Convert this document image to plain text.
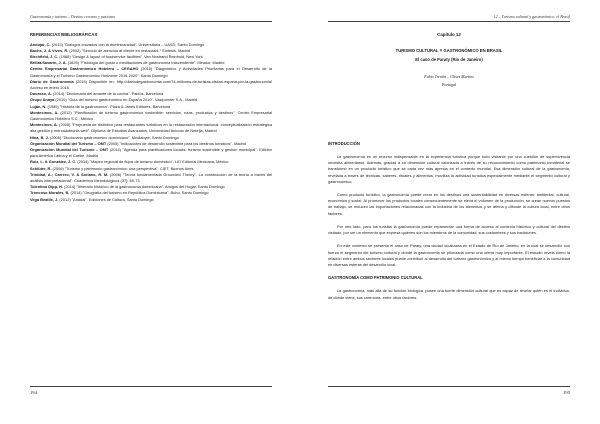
Gastronomía y turismo – Destino cercano y pasiones
REFERENCIAS BIBLIOGRÁFICAS

Andújar, C. (2013) "Diálogos cruzados con la dominicanidad". Universitaria – UASD, Santo Domingo

Bachs, J. & Vives, R. (2002) "Servicio de atención al cliente en restaurant." Síntesis, Madrid

Birchfield, J. C. (1988) "Design & layout of foodservice facilities". Van Nostrand Reinhold, New York

Brillat-Savarin, J. A. (1825) "Fisiología del gusto o meditaciones de gastronomía trascendente". Mirador, Madrid

Centro Empresarial Gastronómico Hotelero – CEGAHO (2015) "Diagnóstico y Actividades Prioritarias para el Desarrollo de la Gastronomía y el Turismo Gastronómico Horizonte 2016-2020". Santo Domingo

Diario de Gastronomía (2015) Disponible en: http://diariodegastronomia.com/74-millones-de-turistas-visitan-espana-por-la-gastronomia/ Acceso en enero 2016

Ducasse, A. (2014) "Diccionario del amante de la cocina". Paidós, Barcelona

Grupo Anaya (2010) "Guía del turismo gastronómico en España 2010". Vastporster S.A., Madrid

Luján, N. (1989) "Historia de la gastronomía". Plaza & Janés Editores, Barcelona

Montecinos, A. (2012) "Planificación de turismo gastronómico sostenible: servicios, rutas, productos y destinos". Centro Empresarial Gastronómico Hotelero S.C., México

Montecinos, A. (2008) "Propuesta de distintivo para restaurantes turísticos en la restauración internacional: conceptualización estratégica alta gestión y mercadotecnia web". Diploma de Estudios Avanzados, Universidad Antonio de Nebrija, Madrid

Nina, B. J. (2008) "Diccionario gastronómico dominicano". Mediabyte, Santo Domingo

Organización Mundial del Turismo – OMT (2005) "Indicadores de desarrollo sostenible para los destinos turísticos". Madrid

Organización Mundial del Turismo – OMT (2014) "Agenda para planificadores locales: turismo sostenible y gestión municipal". Edición para América Latina y el Caribe, Madrid

Ruiz, L. & González, J. C. (2014) "Mapeo regional de flujos de turismo doméstico". LID Editorial Mexicana, México

Schlüter, R. (2006) "Turismo y patrimonio gastronómico: una perspectiva". CIET, Buenos Aires

Trinidad, A.; Carrero, V. & Soriano, R. M. (2006) "Teoría fundamentada Grounded Theory". La construcción de la teoría a través del análisis interpretacional". Cuadernos Metodológicos (37): 69-73

Tolentino Dipp, H. (2014) "Itinerario histórico de la gastronomía dominicana". Amigos del Hogar, Santo Domingo

Troncoso Morales, B. (2014) "Geografía del turismo en República Dominicana". Búho, Santo Domingo

Vega Beatlle, J. (2012) "Anadal". Ediciones de Cultura, Santo Domingo

194
12 – Turismo cultural y gastronómico: el Brasil
Capítulo 12
TURISMO CULTURAL Y GASTRONÓMICO EN BRASIL
El caso de Paraty (Río de Janeiro)
Fábio Trentin – Ulises Martins
Portugal
INTRODUCCIÓN

La gastronomía es un recurso indispensable en la experiencia turística porque todo visitante por una cuestión de supervivencia necesita alimentarse. Además, gracias a su dimensión cultural valorizada a través de su reconocimiento como patrimonio inmaterial se transformó en un producto turístico que se cada vez más aprecia en el contexto mundial. Esa dimensión cultural de la gastronomía, revelada a través de técnicas, saberes, rituales y alimentos, moviliza la actividad turística especialmente mediante el segmento cultural y gastronómico.

Como producto turístico, la gastronomía puede crear en los destinos una sustentabilidad en diversas esferas: ambiental, cultural, económica y social. Al promover los productos locales consecuentemente se eleva el volumen de la producción, se crean nuevos puestos de trabajo, se reducen las importaciones relacionadas con la industria de los alimentos y se afirma y difunde la cultura local, entre otros factores.

Por otro lado, para los turistas la gastronomía puede representar una forma de acceso al contexto histórico y cultural del destino visitado, por ser un elemento que expresa quiénes son los miembros de la comunidad, sus costumbres y sus tradiciones.

En este contexto se presenta el caso de Paraty, una ciudad localizada en el Estado de Río de Janeiro, en la cual se desarrolló con fuerza el segmento del turismo cultural y donde la gastronomía se priorizada como una oferta muy importante. El estudio revela cómo la relación entre ambos sectores locales puede contribuir al desarrollo del turismo gastronómico y al mismo tiempo beneficiar a la comunidad en diversas esferas del desarrollo local.

GASTRONOMÍA COMO PATRIMONIO CULTURAL

La gastronomía, más allá de su función biológica, posee una fuerte dimensión cultural que es capaz de revelar quién es el individuo, de dónde viene, sus creencias, entre otros factores.

195
